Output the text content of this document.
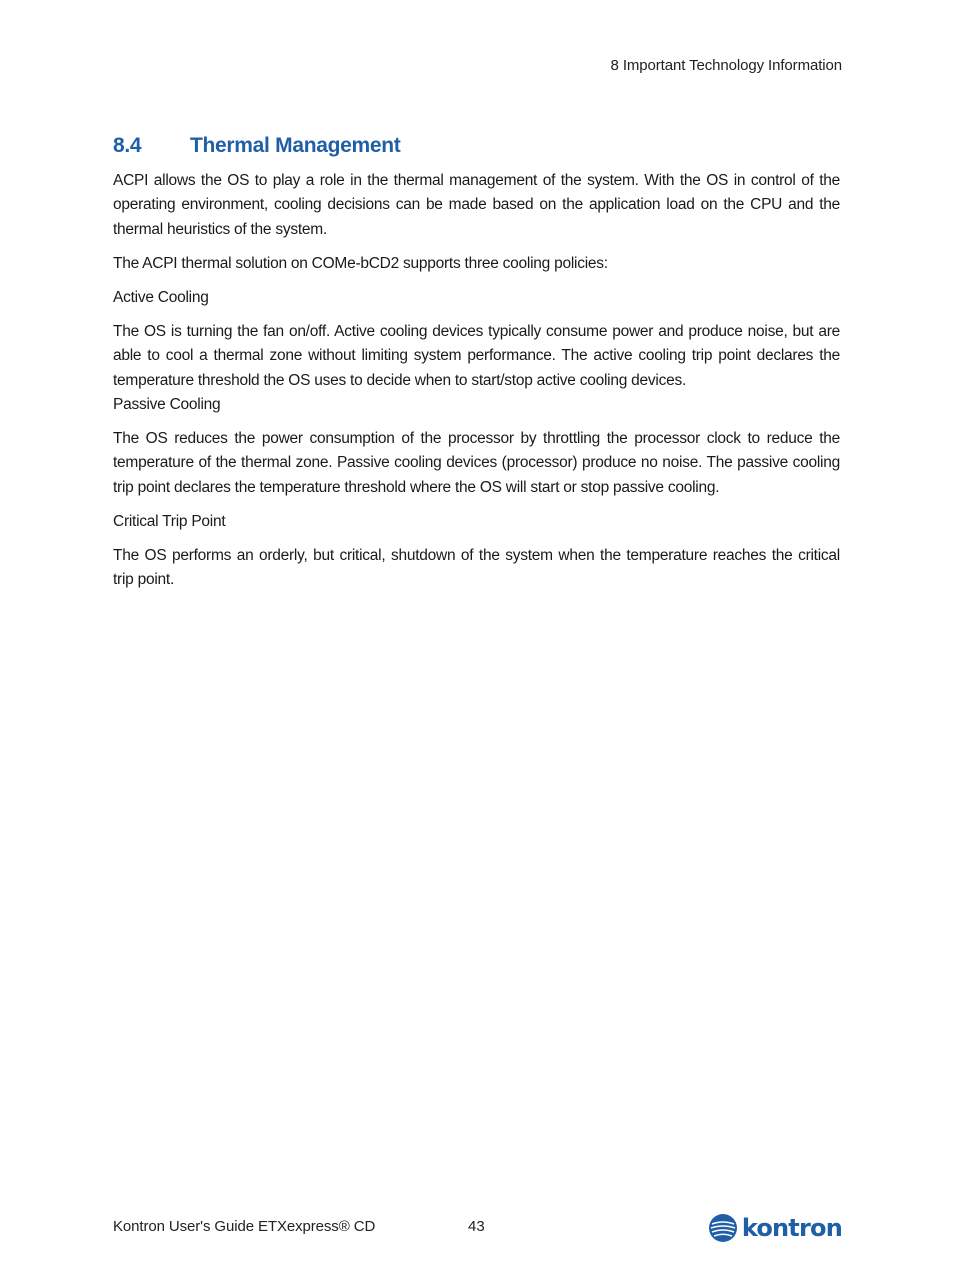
8 Important Technology Information
8.4	Thermal Management

ACPI allows the OS to play a role in the thermal management of the system. With the OS in control of the operating environment, cooling decisions can be made based on the application load on the CPU and the thermal heuristics of the system.

The ACPI thermal solution on COMe-bCD2 supports three cooling policies:

Active Cooling

The OS is turning the fan on/off. Active cooling devices typically consume power and produce noise, but are able to cool a thermal zone without limiting system performance. The active cooling trip point declares the temperature threshold the OS uses to decide when to start/stop active cooling devices.
Passive Cooling

The OS reduces the power consumption of the processor by throttling the processor clock to reduce the temperature of the thermal zone. Passive cooling devices (processor) produce no noise. The passive cooling trip point declares the temperature threshold where the OS will start or stop passive cooling.

Critical Trip Point

The OS performs an orderly, but critical, shutdown of the system when the temperature reaches the critical trip point.

Kontron User's Guide ETXexpress® CD	43	kontron
